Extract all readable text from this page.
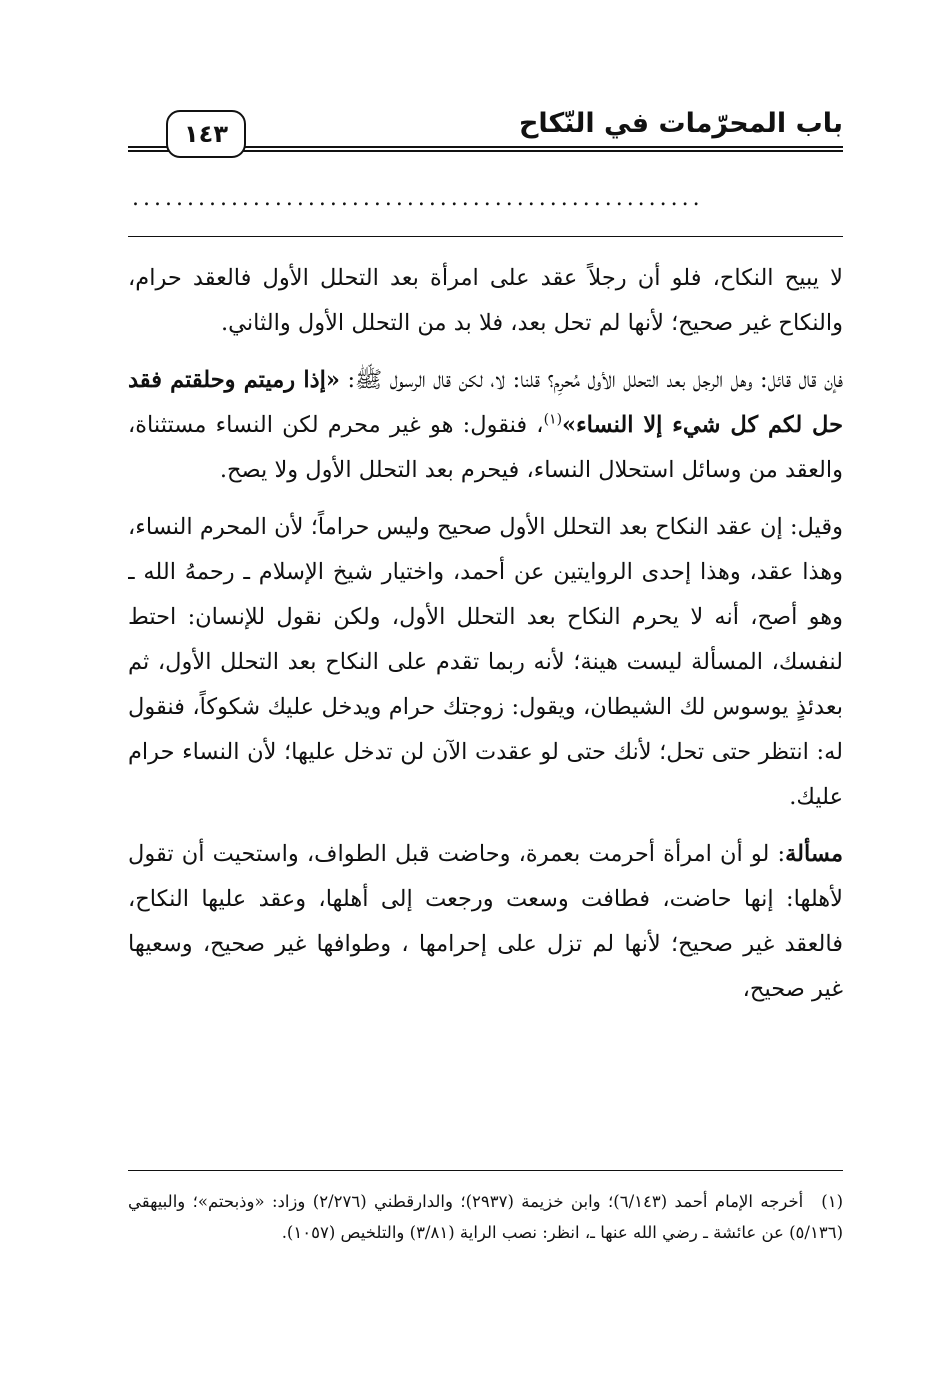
باب المحرّمات في النّكاح
١٤٣
....................................................

لا يبيح النكاح، فلو أن رجلاً عقد على امرأة بعد التحلل الأول فالعقد حرام، والنكاح غير صحيح؛ لأنها لم تحل بعد، فلا بد من التحلل الأول والثاني.

فإن قال قائل: وهل الرجل بعد التحلل الأول مُحرِم؟ قلنا: لا، لكن قال الرسول ﷺ: «إذا رميتم وحلقتم فقد حل لكم كل شيء إلا النساء»$^{(١)}$، فنقول: هو غير محرم لكن النساء مستثناة، والعقد من وسائل استحلال النساء، فيحرم بعد التحلل الأول ولا يصح.

وقيل: إن عقد النكاح بعد التحلل الأول صحيح وليس حراماً؛ لأن المحرم النساء، وهذا عقد، وهذا إحدى الروايتين عن أحمد، واختيار شيخ الإسلام ـ رحمهُ الله ـ وهو أصح، أنه لا يحرم النكاح بعد التحلل الأول، ولكن نقول للإنسان: احتط لنفسك، المسألة ليست هينة؛ لأنه ربما تقدم على النكاح بعد التحلل الأول، ثم بعدئذٍ يوسوس لك الشيطان، ويقول: زوجتك حرام ويدخل عليك شكوكاً، فنقول له: انتظر حتى تحل؛ لأنك حتى لو عقدت الآن لن تدخل عليها؛ لأن النساء حرام عليك.

مسألة: لو أن امرأة أحرمت بعمرة، وحاضت قبل الطواف، واستحيت أن تقول لأهلها: إنها حاضت، فطافت وسعت ورجعت إلى أهلها، وعقد عليها النكاح، فالعقد غير صحيح؛ لأنها لم تزل على إحرامها ، وطوافها غير صحيح، وسعيها غير صحيح،

(١)أخرجه الإمام أحمد (٦/١٤٣)؛ وابن خزيمة (٢٩٣٧)؛ والدارقطني (٢/٢٧٦) وزاد: «وذبحتم»؛ والبيهقي (٥/١٣٦) عن عائشة ـ رضي الله عنها ـ، انظر: نصب الراية (٣/٨١) والتلخيص (١٠٥٧).
